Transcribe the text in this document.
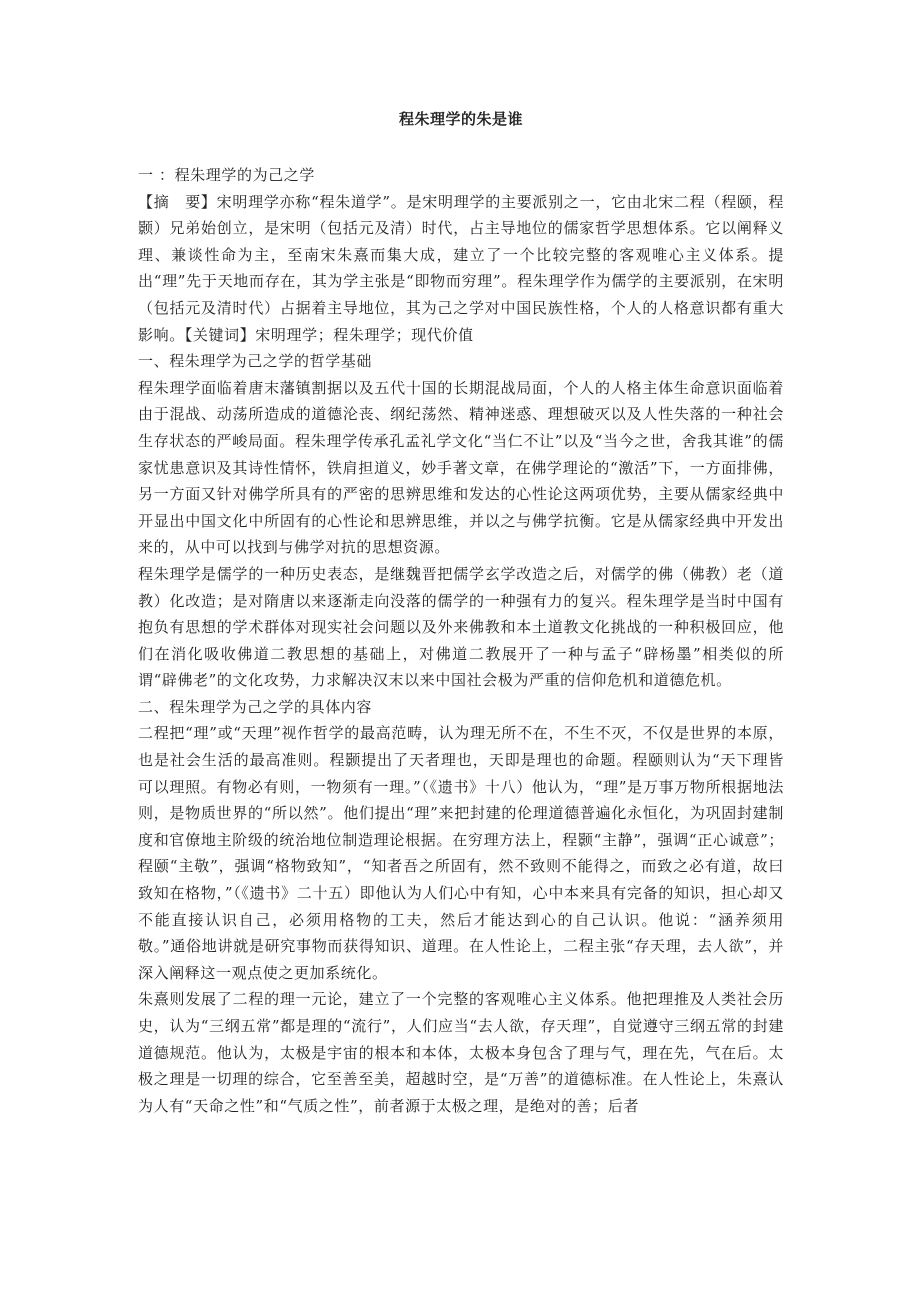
程朱理学的朱是谁

一 ：程朱理学的为己之学

【摘　要】宋明理学亦称“程朱道学”。是宋明理学的主要派别之一，它由北宋二程（程颐，程颢）兄弟始创立，是宋明（包括元及清）时代，占主导地位的儒家哲学思想体系。它以阐释义理、兼谈性命为主，至南宋朱熹而集大成，建立了一个比较完整的客观唯心主义体系。提出“理”先于天地而存在，其为学主张是“即物而穷理”。程朱理学作为儒学的主要派别，在宋明（包括元及清时代）占据着主导地位，其为己之学对中国民族性格，个人的人格意识都有重大影响。【关键词】宋明理学；程朱理学；现代价值

一、程朱理学为己之学的哲学基础

程朱理学面临着唐末藩镇割据以及五代十国的长期混战局面，个人的人格主体生命意识面临着由于混战、动荡所造成的道德沦丧、纲纪荡然、精神迷惑、理想破灭以及人性失落的一种社会生存状态的严峻局面。程朱理学传承孔孟礼学文化“当仁不让”以及“当今之世，舍我其谁”的儒家忧患意识及其诗性情怀，铁肩担道义，妙手著文章，在佛学理论的“激活”下，一方面排佛，另一方面又针对佛学所具有的严密的思辨思维和发达的心性论这两项优势，主要从儒家经典中开显出中国文化中所固有的心性论和思辨思维，并以之与佛学抗衡。它是从儒家经典中开发出来的，从中可以找到与佛学对抗的思想资源。

程朱理学是儒学的一种历史表态，是继魏晋把儒学玄学改造之后，对儒学的佛（佛教）老（道教）化改造；是对隋唐以来逐渐走向没落的儒学的一种强有力的复兴。程朱理学是当时中国有抱负有思想的学术群体对现实社会问题以及外来佛教和本土道教文化挑战的一种积极回应，他们在消化吸收佛道二教思想的基础上，对佛道二教展开了一种与孟子“辟杨墨”相类似的所谓“辟佛老”的文化攻势，力求解决汉末以来中国社会极为严重的信仰危机和道德危机。

二、程朱理学为己之学的具体内容

二程把“理”或“天理”视作哲学的最高范畴，认为理无所不在，不生不灭，不仅是世界的本原，也是社会生活的最高准则。程颢提出了天者理也，天即是理也的命题。程颐则认为“天下理皆可以理照。有物必有则，一物须有一理。”（《遗书》十八）他认为，“理”是万事万物所根据地法则，是物质世界的“所以然”。他们提出“理”来把封建的伦理道德普遍化永恒化，为巩固封建制度和官僚地主阶级的统治地位制造理论根据。在穷理方法上，程颢“主静”，强调“正心诚意”；程颐“主敬”，强调“格物致知”，“知者吾之所固有，然不致则不能得之，而致之必有道，故曰致知在格物，”（《遗书》二十五）即他认为人们心中有知，心中本来具有完备的知识，担心却又不能直接认识自己，必须用格物的工夫，然后才能达到心的自己认识。他说：“涵养须用敬。”通俗地讲就是研究事物而获得知识、道理。在人性论上，二程主张“存天理，去人欲”，并深入阐释这一观点使之更加系统化。

朱熹则发展了二程的理一元论，建立了一个完整的客观唯心主义体系。他把理推及人类社会历史，认为“三纲五常”都是理的“流行”，人们应当“去人欲，存天理”，自觉遵守三纲五常的封建道德规范。他认为，太极是宇宙的根本和本体，太极本身包含了理与气，理在先，气在后。太极之理是一切理的综合，它至善至美，超越时空，是“万善”的道德标准。在人性论上，朱熹认为人有“天命之性”和“气质之性”，前者源于太极之理，是绝对的善；后者
